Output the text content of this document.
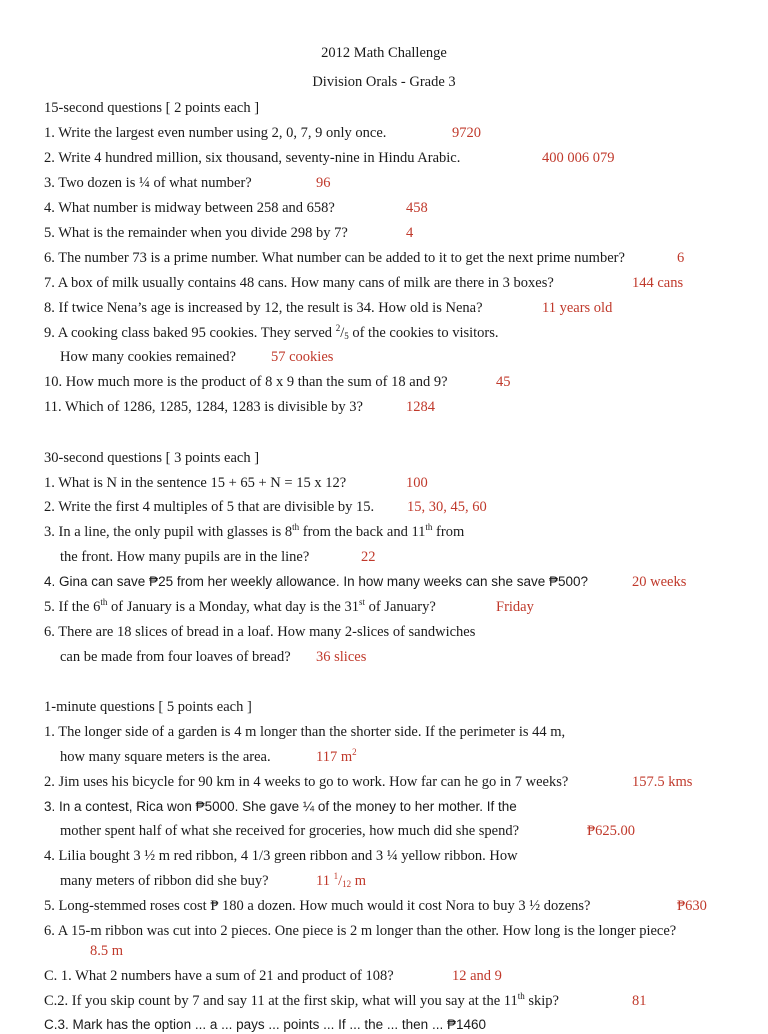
2012 Math Challenge
Division Orals - Grade 3
15-second questions [ 2 points each ]
1. Write the largest even number using 2, 0, 7, 9 only once.	9720
2. Write 4 hundred million, six thousand, seventy-nine in Hindu Arabic.	400 006 079
3. Two dozen is ¼ of what number?	96
4. What number is midway between 258 and 658?	458
5. What is the remainder when you divide 298 by 7?	4
6. The number 73 is a prime number. What number can be added to it to get the next prime number?	6
7. A box of milk usually contains 48 cans. How many cans of milk are there in 3 boxes?	144 cans
8. If twice Nena’s age is increased by 12, the result is 34. How old is Nena?	11 years old
9. A cooking class baked 95 cookies. They served $^2/_5$ of the cookies to visitors.
How many cookies remained? 57 cookies
10. How much more is the product of 8 x 9 than the sum of 18 and 9?	45
11. Which of 1286, 1285, 1284, 1283 is divisible by 3?	1284
30-second questions [ 3 points each ]
1. What is N in the sentence 15 + 65 + N = 15 x 12?	100
2. Write the first 4 multiples of 5 that are divisible by 15. 15, 30, 45, 60
3. In a line, the only pupil with glasses is 8th from the back and 11th from
the front. How many pupils are in the line?	22
4. Gina can save ₱25 from her weekly allowance. In how many weeks can she save ₱500?	20 weeks
5. If the 6th of January is a Monday, what day is the 31st of January?	Friday
6. There are 18 slices of bread in a loaf. How many 2-slices of sandwiches
can be made from four loaves of bread? 36 slices
1-minute questions [ 5 points each ]
1. The longer side of a garden is 4 m longer than the shorter side. If the perimeter is 44 m,
how many square meters is the area.	117 $m^2$
2. Jim uses his bicycle for 90 km in 4 weeks to go to work. How far can he go in 7 weeks?	157.5 kms
3. In a contest, Rica won ₱5000. She gave ¼ of the money to her mother. If the
mother spent half of what she received for groceries, how much did she spend?	₱625.00
4. Lilia bought 3 ½ m red ribbon, 4 1/3 green ribbon and 3 ¼ yellow ribbon. How
many meters of ribbon did she buy?	11 $^1/_{12}$ m
5. Long-stemmed roses cost ₱ 180 a dozen. How much would it cost Nora to buy 3 ½ dozens?	₱630
6. A 15-m ribbon was cut into 2 pieces. One piece is 2 m longer than the other. How long is the longer piece?
8.5 m
C. 1. What 2 numbers have a sum of 21 and product of 108?	12 and 9
C.2. If you skip count by 7 and say 11 at the first skip, what will you say at the 11th skip?	81
C.3. Mark has the option ... a ... pays ... points ... If ... the ... then ... ₱1460
